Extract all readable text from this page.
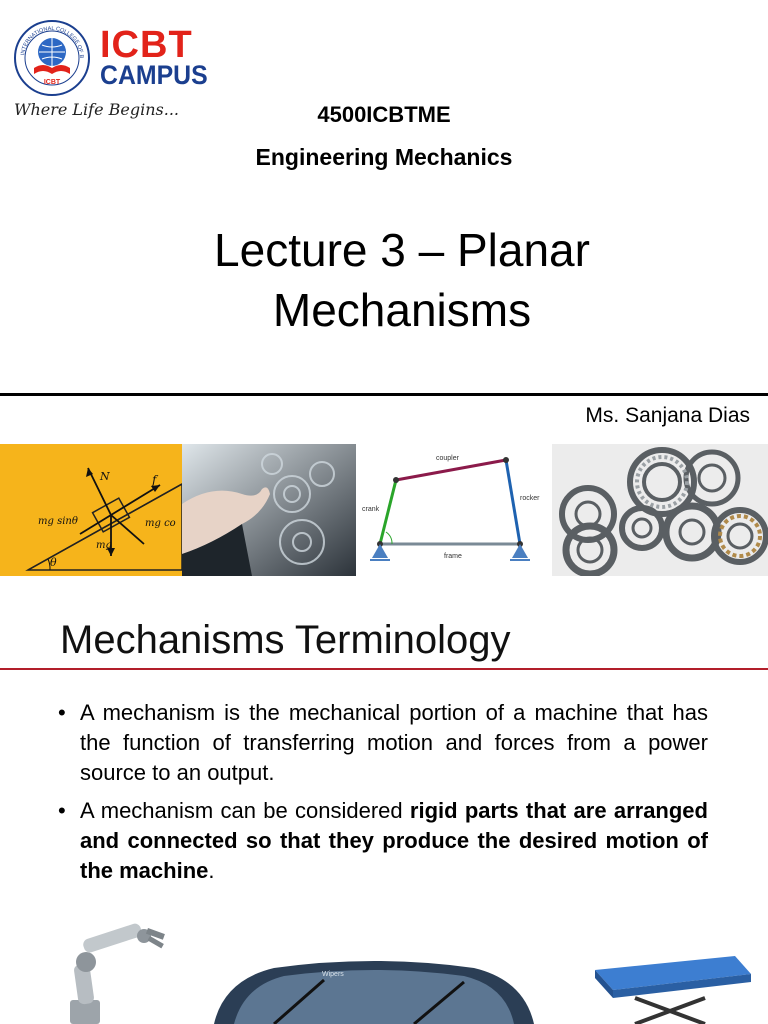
ICBT
INTERNATIONAL COLLEGE OF B ICBT
CAMPUS
Where Life Begins...	4500ICBTME
Engineering Mechanics
Lecture 3 – Planar
Mechanisms
Ms. Sanjana Dias
N	f
mg sinθ	mg co
mg
θ
coupler
crank
rocker
frame
Mechanisms Terminology
• A mechanism is the mechanical portion of a machine that has the function of transferring motion and forces from a power source to an output.
• A mechanism can be considered rigid parts that are arranged and connected so that they produce the desired motion of the machine.
Wipers
